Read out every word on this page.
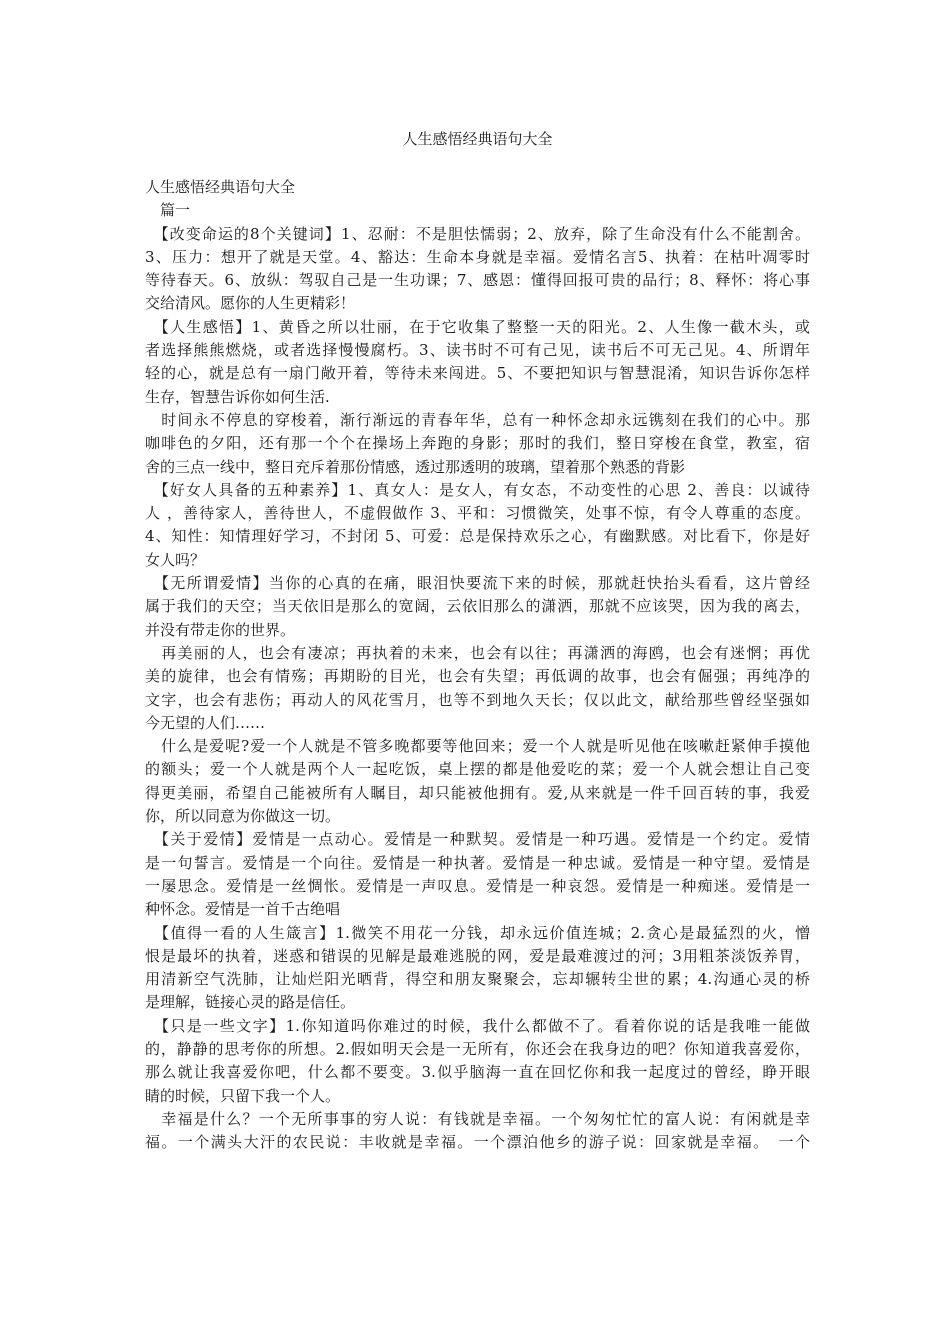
人生感悟经典语句大全
人生感悟经典语句大全
　篇一
　【改变命运的8个关键词】1、忍耐：不是胆怯懦弱；2、放弃，除了生命没有什么不能割舍。
3、压力：想开了就是天堂。4、豁达：生命本身就是幸福。爱情名言5、执着：在枯叶凋零时
等待春天。6、放纵：驾驭自己是一生功课；7、感恩：懂得回报可贵的品行；8、释怀：将心事
交给清风。愿你的人生更精彩！
　【人生感悟】1、黄昏之所以壮丽，在于它收集了整整一天的阳光。2、人生像一截木头，或
者选择熊熊燃烧，或者选择慢慢腐朽。3、读书时不可有己见，读书后不可无己见。4、所谓年
轻的心，就是总有一扇门敞开着，等待未来闯进。5、不要把知识与智慧混淆，知识告诉你怎样
生存，智慧告诉你如何生活.
　时间永不停息的穿梭着，渐行渐远的青春年华，总有一种怀念却永远镌刻在我们的心中。那
咖啡色的夕阳，还有那一个个在操场上奔跑的身影；那时的我们，整日穿梭在食堂，教室，宿
舍的三点一线中，整日充斥着那份情感，透过那透明的玻璃，望着那个熟悉的背影
　【好女人具备的五种素养】1、真女人：是女人，有女态，不动变性的心思 2、善良：以诚待
人 ，善待家人，善待世人，不虚假做作 3、平和：习惯微笑，处事不惊，有令人尊重的态度。
4、知性：知情理好学习，不封闭 5、可爱：总是保持欢乐之心，有幽默感。对比看下，你是好
女人吗？
　【无所谓爱情】当你的心真的在痛，眼泪快要流下来的时候，那就赶快抬头看看，这片曾经
属于我们的天空；当天依旧是那么的宽阔，云依旧那么的潇洒，那就不应该哭，因为我的离去，
并没有带走你的世界。
　再美丽的人，也会有凄凉；再执着的未来，也会有以往；再潇洒的海鸥，也会有迷惘；再优
美的旋律，也会有情殇；再期盼的目光，也会有失望；再低调的故事，也会有倔强；再纯净的
文字，也会有悲伤；再动人的风花雪月，也等不到地久天长；仅以此文，献给那些曾经坚强如
今无望的人们……
　什么是爱呢?爱一个人就是不管多晚都要等他回来；爱一个人就是听见他在咳嗽赶紧伸手摸他
的额头；爱一个人就是两个人一起吃饭，桌上摆的都是他爱吃的菜；爱一个人就会想让自己变
得更美丽，希望自己能被所有人瞩目，却只能被他拥有。爱,从来就是一件千回百转的事，我爱
你，所以同意为你做这一切。
　【关于爱情】爱情是一点动心。爱情是一种默契。爱情是一种巧遇。爱情是一个约定。爱情
是一句誓言。爱情是一个向往。爱情是一种执著。爱情是一种忠诚。爱情是一种守望。爱情是
一屡思念。爱情是一丝惆怅。爱情是一声叹息。爱情是一种哀怨。爱情是一种痴迷。爱情是一
种怀念。爱情是一首千古绝唱
　【值得一看的人生箴言】1.微笑不用花一分钱，却永远价值连城；2.贪心是最猛烈的火，憎
恨是最坏的执着，迷惑和错误的见解是最难逃脱的网，爱是最难渡过的河；3用粗茶淡饭养胃，
用清新空气洗肺，让灿烂阳光晒背，得空和朋友聚聚会，忘却辗转尘世的累；4.沟通心灵的桥
是理解，链接心灵的路是信任。
　【只是一些文字】1.你知道吗你难过的时候，我什么都做不了。看着你说的话是我唯一能做
的，静静的思考你的所想。2.假如明天会是一无所有，你还会在我身边的吧？你知道我喜爱你，
那么就让我喜爱你吧，什么都不要变。3.似乎脑海一直在回忆你和我一起度过的曾经，睁开眼
睛的时候，只留下我一个人。
　幸福是什么？一个无所事事的穷人说：有钱就是幸福。一个匆匆忙忙的富人说：有闲就是幸
福。一个满头大汗的农民说：丰收就是幸福。一个漂泊他乡的游子说：回家就是幸福。　一个
